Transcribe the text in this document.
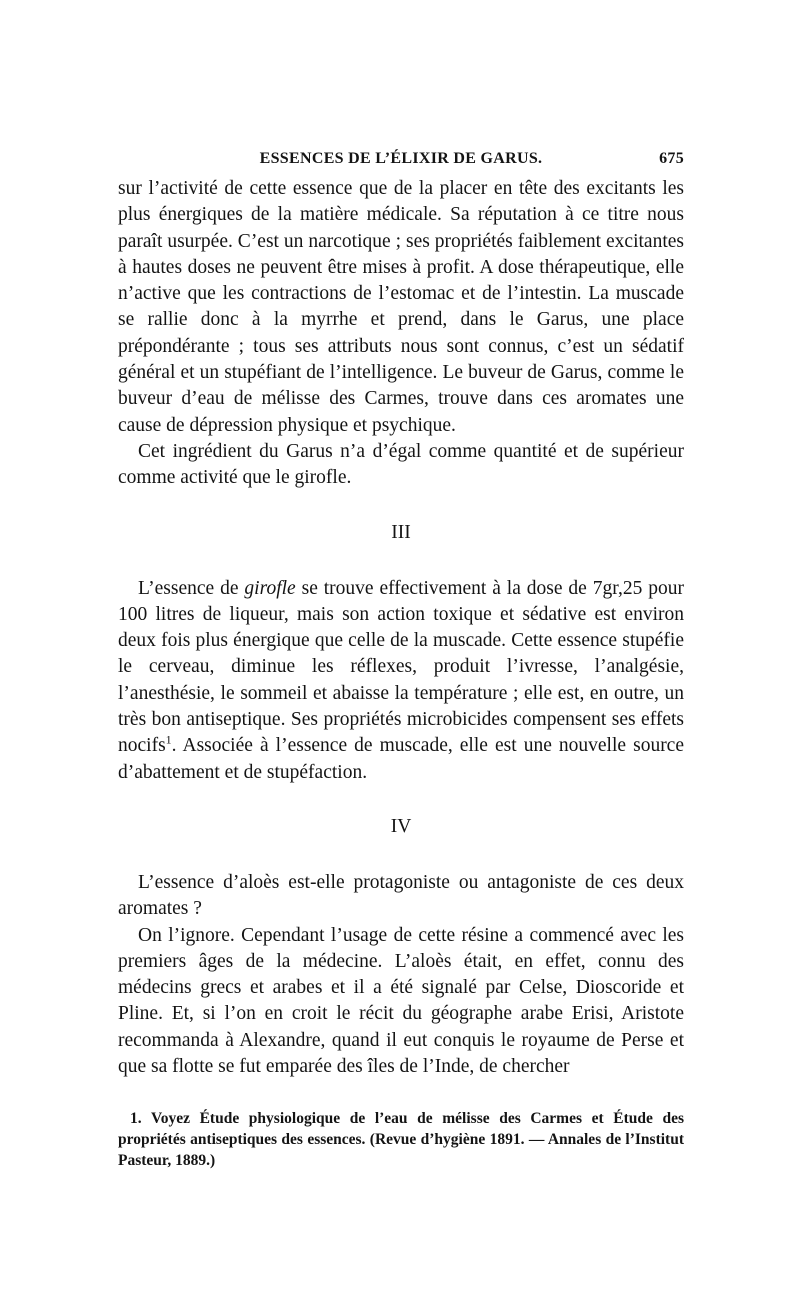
ESSENCES DE L’ÉLIXIR DE GARUS.	675

sur l’activité de cette essence que de la placer en tête des excitants les plus énergiques de la matière médicale. Sa réputation à ce titre nous paraît usurpée. C’est un narcotique ; ses propriétés faiblement excitantes à hautes doses ne peuvent être mises à profit. A dose thérapeutique, elle n’active que les contractions de l’estomac et de l’intestin. La muscade se rallie donc à la myrrhe et prend, dans le Garus, une place prépondérante ; tous ses attributs nous sont connus, c’est un sédatif général et un stupéfiant de l’intelligence. Le buveur de Garus, comme le buveur d’eau de mélisse des Carmes, trouve dans ces aromates une cause de dépression physique et psychique.

Cet ingrédient du Garus n’a d’égal comme quantité et de supérieur comme activité que le girofle.

III

L’essence de girofle se trouve effectivement à la dose de 7gr,25 pour 100 litres de liqueur, mais son action toxique et sédative est environ deux fois plus énergique que celle de la muscade. Cette essence stupéfie le cerveau, diminue les réflexes, produit l’ivresse, l’analgésie, l’anesthésie, le sommeil et abaisse la température ; elle est, en outre, un très bon antiseptique. Ses propriétés microbicides compensent ses effets nocifs$^1$. Associée à l’essence de muscade, elle est une nouvelle source d’abattement et de stupéfaction.

IV

L’essence d’aloès est-elle protagoniste ou antagoniste de ces deux aromates ?

On l’ignore. Cependant l’usage de cette résine a commencé avec les premiers âges de la médecine. L’aloès était, en effet, connu des médecins grecs et arabes et il a été signalé par Celse, Dioscoride et Pline. Et, si l’on en croit le récit du géographe arabe Erisi, Aristote recommanda à Alexandre, quand il eut conquis le royaume de Perse et que sa flotte se fut emparée des îles de l’Inde, de chercher

1. Voyez Étude physiologique de l’eau de mélisse des Carmes et Étude des propriétés antiseptiques des essences. (Revue d’hygiène 1891. — Annales de l’Institut Pasteur, 1889.)
